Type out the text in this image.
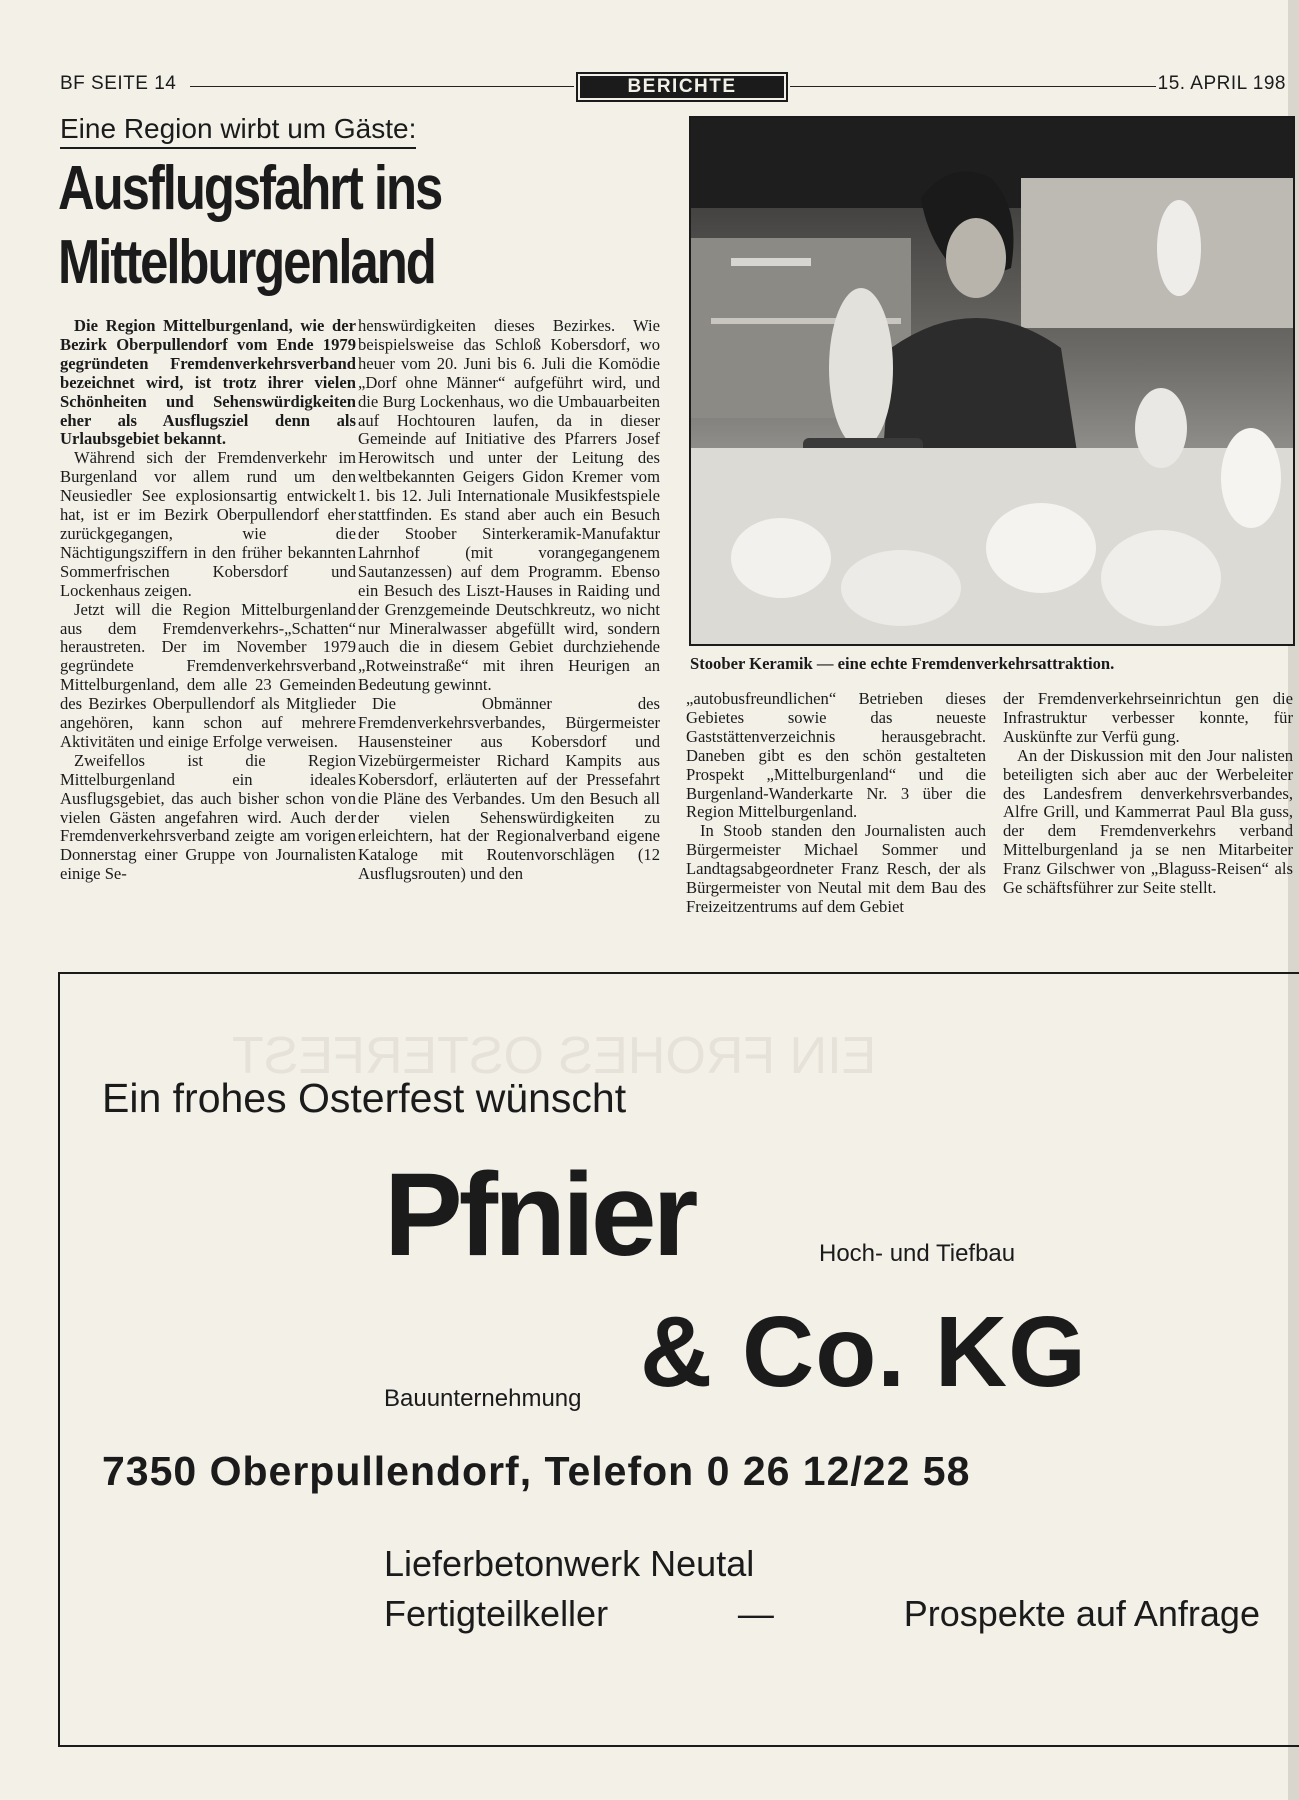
BF SEITE 14	BERICHTE	15. APRIL 198
Eine Region wirbt um Gäste:
Ausflugsfahrt ins
Mittelburgenland

Die Region Mittelburgenland, wie der Bezirk Oberpullendorf vom Ende 1979 gegründeten Fremdenverkehrsverband bezeichnet wird, ist trotz ihrer vielen Schönheiten und Sehenswürdigkeiten eher als Ausflugsziel denn als Urlaubsgebiet bekannt.

Während sich der Fremdenverkehr im Burgenland vor allem rund um den Neusiedler See explosionsartig entwickelt hat, ist er im Bezirk Oberpullendorf eher zurückgegangen, wie die Nächtigungsziffern in den früher bekannten Sommerfrischen Kobersdorf und Lockenhaus zeigen.

Jetzt will die Region Mittelburgenland aus dem Fremdenverkehrs-„Schatten“ heraustreten. Der im November 1979 gegründete Fremdenverkehrsverband Mittelburgenland, dem alle 23 Gemeinden des Bezirkes Oberpullendorf als Mitglieder angehören, kann schon auf mehrere Aktivitäten und einige Erfolge verweisen.

Zweifellos ist die Region Mittelburgenland ein ideales Ausflugsgebiet, das auch bisher schon von vielen Gästen angefahren wird. Auch der Fremdenverkehrsverband zeigte am vorigen Donnerstag einer Gruppe von Journalisten einige Se-

henswürdigkeiten dieses Bezirkes. Wie beispielsweise das Schloß Kobersdorf, wo heuer vom 20. Juni bis 6. Juli die Komödie „Dorf ohne Männer“ aufgeführt wird, und die Burg Lockenhaus, wo die Umbauarbeiten auf Hochtouren laufen, da in dieser Gemeinde auf Initiative des Pfarrers Josef Herowitsch und unter der Leitung des weltbekannten Geigers Gidon Kremer vom 1. bis 12. Juli Internationale Musikfestspiele stattfinden. Es stand aber auch ein Besuch der Stoober Sinterkeramik-Manufaktur Lahrnhof (mit vorangegangenem Sautanzessen) auf dem Programm. Ebenso ein Besuch des Liszt-Hauses in Raiding und der Grenzgemeinde Deutschkreutz, wo nicht nur Mineralwasser abgefüllt wird, sondern auch die in diesem Gebiet durchziehende „Rotweinstraße“ mit ihren Heurigen an Bedeutung gewinnt.

Die Obmänner des Fremdenverkehrsverbandes, Bürgermeister Hausensteiner aus Kobersdorf und Vizebürgermeister Richard Kampits aus Kobersdorf, erläuterten auf der Pressefahrt die Pläne des Verbandes. Um den Besuch all der vielen Sehenswürdigkeiten zu erleichtern, hat der Regionalverband eigene Kataloge mit Routenvorschlägen (12 Ausflugsrouten) und den

Stoober Keramik — eine echte Fremdenverkehrsattraktion.

„autobusfreundlichen“ Betrieben dieses Gebietes sowie das neueste Gaststättenverzeichnis herausgebracht. Daneben gibt es den schön gestalteten Prospekt „Mittelburgenland“ und die Burgenland-Wanderkarte Nr. 3 über die Region Mittelburgenland.

In Stoob standen den Journalisten auch Bürgermeister Michael Sommer und Landtagsabgeordneter Franz Resch, der als Bürgermeister von Neutal mit dem Bau des Freizeitzentrums auf dem Gebiet

der Fremdenverkehrseinrichtun gen die Infrastruktur verbesser konnte, für Auskünfte zur Verfü gung.

An der Diskussion mit den Jour nalisten beteiligten sich aber auc der Werbeleiter des Landesfrem denverkehrsverbandes, Alfre Grill, und Kammerrat Paul Bla guss, der dem Fremdenverkehrs verband Mittelburgenland ja se nen Mitarbeiter Franz Gilschwer von „Blaguss-Reisen“ als Ge schäftsführer zur Seite stellt.

EIN FROHES OSTERFEST
Ein frohes Osterfest wünscht
Pfnier	Hoch- und Tiefbau
& Co. KG
Bauunternehmung
7350 Oberpullendorf, Telefon 0 26 12/22 58
Lieferbetonwerk Neutal
Fertigteilkeller	—	Prospekte auf Anfrage
